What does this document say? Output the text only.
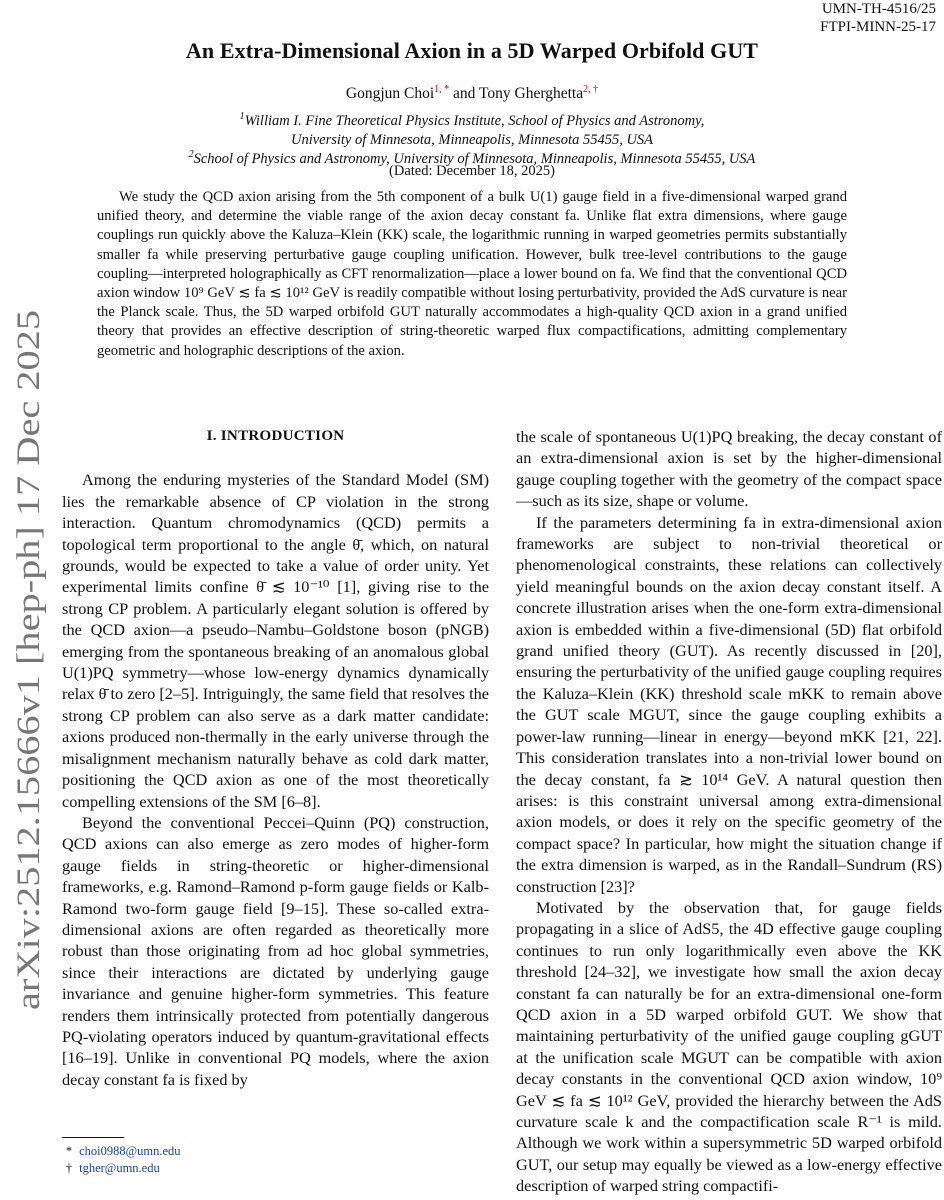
UMN-TH-4516/25
FTPI-MINN-25-17
arXiv:2512.15666v1 [hep-ph] 17 Dec 2025
An Extra-Dimensional Axion in a 5D Warped Orbifold GUT
Gongjun Choi$^{1, *}$ and Tony Gherghetta$^{2, \dagger}$
$^1$William I. Fine Theoretical Physics Institute, School of Physics and Astronomy,
University of Minnesota, Minneapolis, Minnesota 55455, USA
$^2$School of Physics and Astronomy, University of Minnesota, Minneapolis, Minnesota 55455, USA
(Dated: December 18, 2025)
We study the QCD axion arising from the 5th component of a bulk U(1) gauge field in a five-dimensional warped grand unified theory, and determine the viable range of the axion decay constant fa. Unlike flat extra dimensions, where gauge couplings run quickly above the Kaluza–Klein (KK) scale, the logarithmic running in warped geometries permits substantially smaller fa while preserving perturbative gauge coupling unification. However, bulk tree-level contributions to the gauge coupling—interpreted holographically as CFT renormalization—place a lower bound on fa. We find that the conventional QCD axion window 10⁹ GeV ≲ fa ≲ 10¹² GeV is readily compatible without losing perturbativity, provided the AdS curvature is near the Planck scale. Thus, the 5D warped orbifold GUT naturally accommodates a high-quality QCD axion in a grand unified theory that provides an effective description of string-theoretic warped flux compactifications, admitting complementary geometric and holographic descriptions of the axion.
I. INTRODUCTION

Among the enduring mysteries of the Standard Model (SM) lies the remarkable absence of CP violation in the strong interaction. Quantum chromodynamics (QCD) permits a topological term proportional to the angle θ̄, which, on natural grounds, would be expected to take a value of order unity. Yet experimental limits confine θ̄ ≲ 10⁻¹⁰ [1], giving rise to the strong CP problem. A particularly elegant solution is offered by the QCD axion—a pseudo–Nambu–Goldstone boson (pNGB) emerging from the spontaneous breaking of an anomalous global U(1)PQ symmetry—whose low-energy dynamics dynamically relax θ̄ to zero [2–5]. Intriguingly, the same field that resolves the strong CP problem can also serve as a dark matter candidate: axions produced non-thermally in the early universe through the misalignment mechanism naturally behave as cold dark matter, positioning the QCD axion as one of the most theoretically compelling extensions of the SM [6–8].

Beyond the conventional Peccei–Quinn (PQ) construction, QCD axions can also emerge as zero modes of higher-form gauge fields in string-theoretic or higher-dimensional frameworks, e.g. Ramond–Ramond p-form gauge fields or Kalb-Ramond two-form gauge field [9–15]. These so-called extra-dimensional axions are often regarded as theoretically more robust than those originating from ad hoc global symmetries, since their interactions are dictated by underlying gauge invariance and genuine higher-form symmetries. This feature renders them intrinsically protected from potentially dangerous PQ-violating operators induced by quantum-gravitational effects [16–19]. Unlike in conventional PQ models, where the axion decay constant fa is fixed by

the scale of spontaneous U(1)PQ breaking, the decay constant of an extra-dimensional axion is set by the higher-dimensional gauge coupling together with the geometry of the compact space—such as its size, shape or volume.

If the parameters determining fa in extra-dimensional axion frameworks are subject to non-trivial theoretical or phenomenological constraints, these relations can collectively yield meaningful bounds on the axion decay constant itself. A concrete illustration arises when the one-form extra-dimensional axion is embedded within a five-dimensional (5D) flat orbifold grand unified theory (GUT). As recently discussed in [20], ensuring the perturbativity of the unified gauge coupling requires the Kaluza–Klein (KK) threshold scale mKK to remain above the GUT scale MGUT, since the gauge coupling exhibits a power-law running—linear in energy—beyond mKK [21, 22]. This consideration translates into a non-trivial lower bound on the decay constant, fa ≳ 10¹⁴ GeV. A natural question then arises: is this constraint universal among extra-dimensional axion models, or does it rely on the specific geometry of the compact space? In particular, how might the situation change if the extra dimension is warped, as in the Randall–Sundrum (RS) construction [23]?

Motivated by the observation that, for gauge fields propagating in a slice of AdS5, the 4D effective gauge coupling continues to run only logarithmically even above the KK threshold [24–32], we investigate how small the axion decay constant fa can naturally be for an extra-dimensional one-form QCD axion in a 5D warped orbifold GUT. We show that maintaining perturbativity of the unified gauge coupling gGUT at the unification scale MGUT can be compatible with axion decay constants in the conventional QCD axion window, 10⁹ GeV ≲ fa ≲ 10¹² GeV, provided the hierarchy between the AdS curvature scale k and the compactification scale R⁻¹ is mild. Although we work within a supersymmetric 5D warped orbifold GUT, our setup may equally be viewed as a low-energy effective description of warped string compactifi-

* choi0988@umn.edu
† tgher@umn.edu
